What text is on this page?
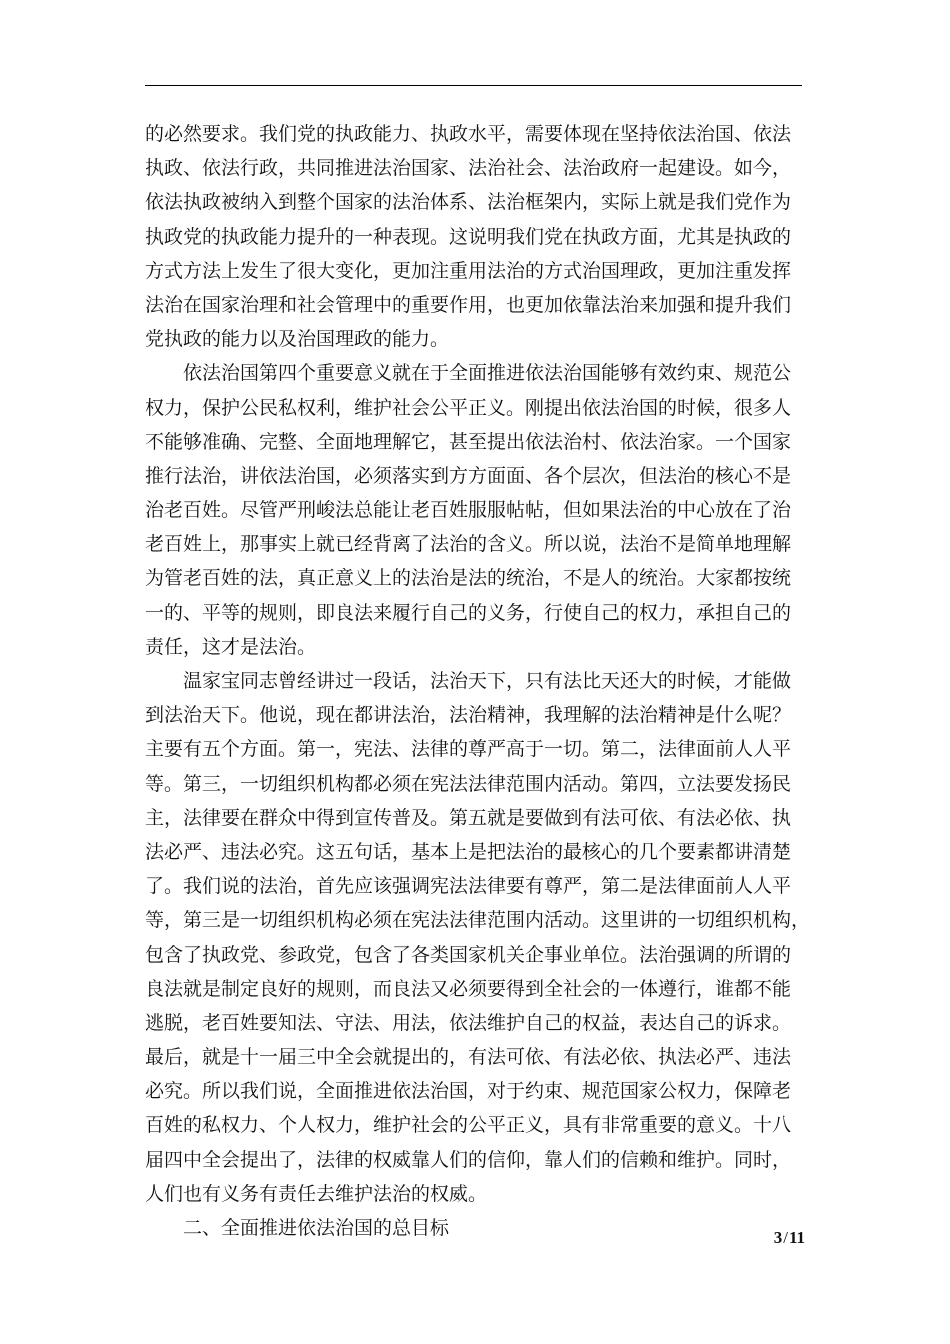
的必然要求。我们党的执政能力、执政水平，需要体现在坚持依法治国、依法
执政、依法行政，共同推进法治国家、法治社会、法治政府一起建设。如今，
依法执政被纳入到整个国家的法治体系、法治框架内，实际上就是我们党作为
执政党的执政能力提升的一种表现。这说明我们党在执政方面，尤其是执政的
方式方法上发生了很大变化，更加注重用法治的方式治国理政，更加注重发挥
法治在国家治理和社会管理中的重要作用，也更加依靠法治来加强和提升我们
党执政的能力以及治国理政的能力。
　　依法治国第四个重要意义就在于全面推进依法治国能够有效约束、规范公
权力，保护公民私权利，维护社会公平正义。刚提出依法治国的时候，很多人
不能够准确、完整、全面地理解它，甚至提出依法治村、依法治家。一个国家
推行法治，讲依法治国，必须落实到方方面面、各个层次，但法治的核心不是
治老百姓。尽管严刑峻法总能让老百姓服服帖帖，但如果法治的中心放在了治
老百姓上，那事实上就已经背离了法治的含义。所以说，法治不是简单地理解
为管老百姓的法，真正意义上的法治是法的统治，不是人的统治。大家都按统
一的、平等的规则，即良法来履行自己的义务，行使自己的权力，承担自己的
责任，这才是法治。
　　温家宝同志曾经讲过一段话，法治天下，只有法比天还大的时候，才能做
到法治天下。他说，现在都讲法治，法治精神，我理解的法治精神是什么呢？
主要有五个方面。第一，宪法、法律的尊严高于一切。第二，法律面前人人平
等。第三，一切组织机构都必须在宪法法律范围内活动。第四，立法要发扬民
主，法律要在群众中得到宣传普及。第五就是要做到有法可依、有法必依、执
法必严、违法必究。这五句话，基本上是把法治的最核心的几个要素都讲清楚
了。我们说的法治，首先应该强调宪法法律要有尊严，第二是法律面前人人平
等，第三是一切组织机构必须在宪法法律范围内活动。这里讲的一切组织机构，
包含了执政党、参政党，包含了各类国家机关企事业单位。法治强调的所谓的
良法就是制定良好的规则，而良法又必须要得到全社会的一体遵行，谁都不能
逃脱，老百姓要知法、守法、用法，依法维护自己的权益，表达自己的诉求。
最后，就是十一届三中全会就提出的，有法可依、有法必依、执法必严、违法
必究。所以我们说，全面推进依法治国，对于约束、规范国家公权力，保障老
百姓的私权力、个人权力，维护社会的公平正义，具有非常重要的意义。十八
届四中全会提出了，法律的权威靠人们的信仰，靠人们的信赖和维护。同时，
人们也有义务有责任去维护法治的权威。
　　二、全面推进依法治国的总目标	3/11
